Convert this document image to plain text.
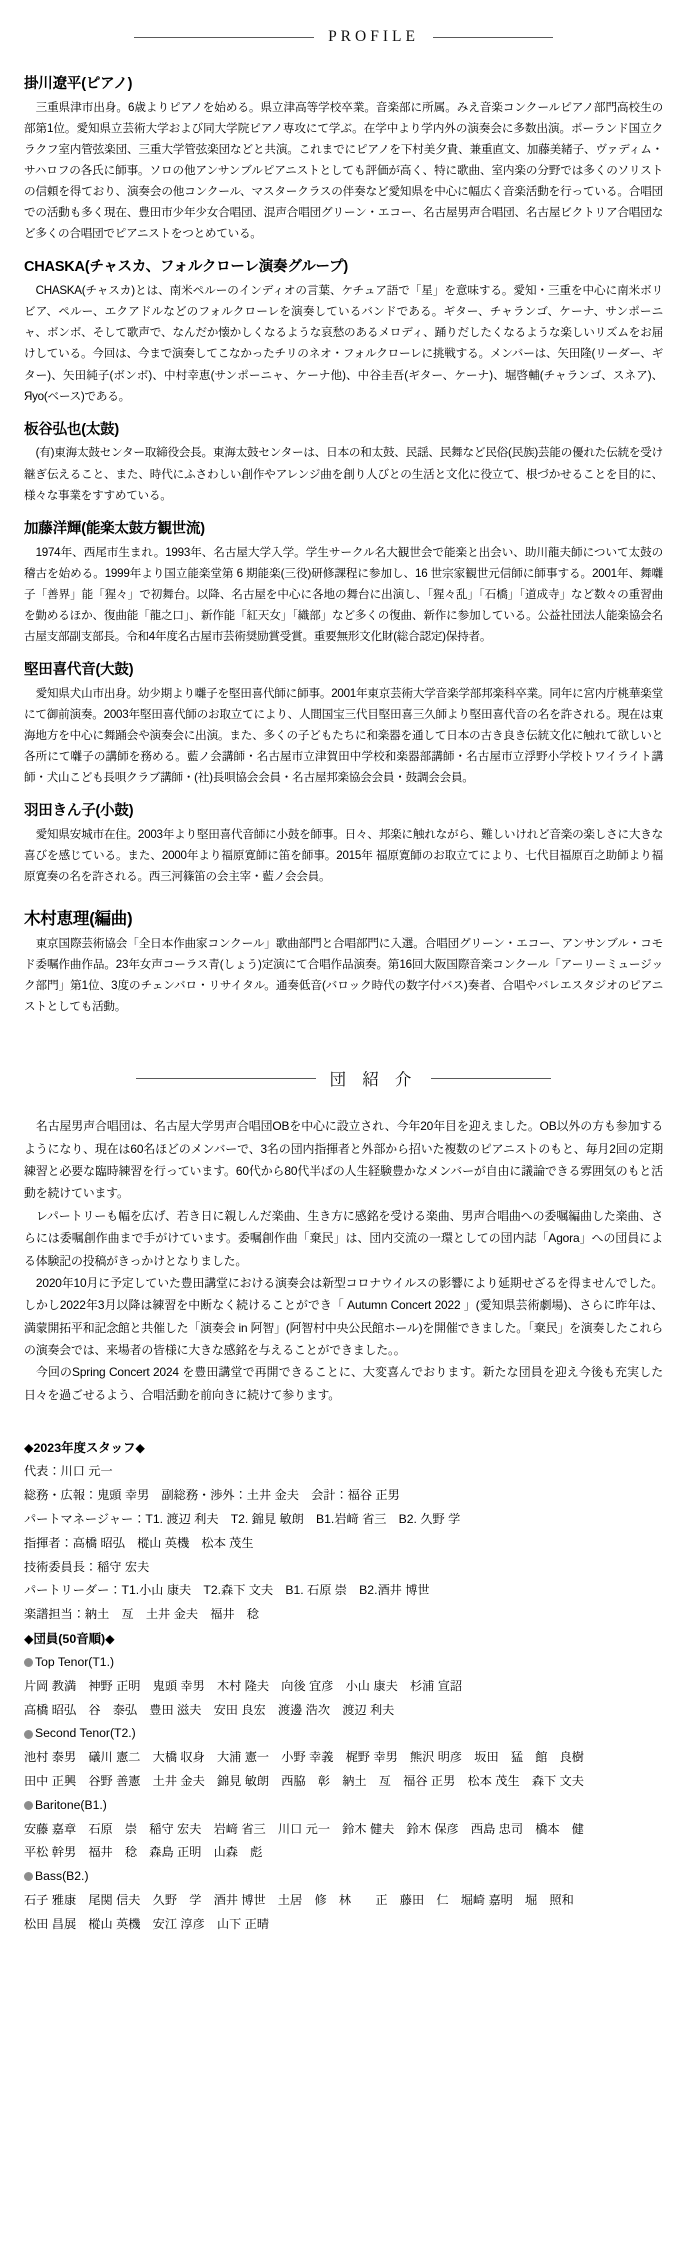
PROFILE

掛川遼平(ピアノ)

三重県津市出身。6歳よりピアノを始める。県立津高等学校卒業。音楽部に所属。みえ音楽コンクールピアノ部門高校生の部第1位。愛知県立芸術大学および同大学院ピアノ専攻にて学ぶ。在学中より学内外の演奏会に多数出演。ポーランド国立クラクフ室内管弦楽団、三重大学管弦楽団などと共演。これまでにピアノを下村美夕貴、兼重直文、加藤美緒子、ヴァディム・サハロフの各氏に師事。ソロの他アンサンブルピアニストとしても評価が高く、特に歌曲、室内楽の分野では多くのソリストの信頼を得ており、演奏会の他コンクール、マスタークラスの伴奏など愛知県を中心に幅広く音楽活動を行っている。合唱団での活動も多く現在、豊田市少年少女合唱団、混声合唱団グリーン・エコー、名古屋男声合唱団、名古屋ビクトリア合唱団など多くの合唱団でピアニストをつとめている。

CHASKA(チャスカ、フォルクローレ演奏グループ)

CHASKA(チャスカ)とは、南米ペルーのインディオの言葉、ケチュア語で「星」を意味する。愛知・三重を中心に南米ボリビア、ペルー、エクアドルなどのフォルクローレを演奏しているバンドである。ギター、チャランゴ、ケーナ、サンポーニャ、ボンボ、そして歌声で、なんだか懐かしくなるような哀愁のあるメロディ、踊りだしたくなるような楽しいリズムをお届けしている。今回は、今まで演奏してこなかったチリのネオ・フォルクローレに挑戦する。メンバーは、矢田隆(リーダー、ギター)、矢田純子(ボンボ)、中村幸恵(サンポーニャ、ケーナ他)、中谷圭吾(ギター、ケーナ)、堀啓輔(チャランゴ、スネア)、Яyo(ベース)である。

板谷弘也(太鼓)

(有)東海太鼓センター取締役会長。東海太鼓センターは、日本の和太鼓、民謡、民舞など民俗(民族)芸能の優れた伝統を受け継ぎ伝えること、また、時代にふさわしい創作やアレンジ曲を創り人びとの生活と文化に役立て、根づかせることを目的に、様々な事業をすすめている。

加藤洋輝(能楽太鼓方観世流)

1974年、西尾市生まれ。1993年、名古屋大学入学。学生サークル名大観世会で能楽と出会い、助川龍夫師について太鼓の稽古を始める。1999年より国立能楽堂第 6 期能楽(三役)研修課程に参加し、16 世宗家観世元信師に師事する。2001年、舞囃子「善界」能「猩々」で初舞台。以降、名古屋を中心に各地の舞台に出演し、「猩々乱」「石橋」「道成寺」など数々の重習曲を勤めるほか、復曲能「龍之口」、新作能「紅天女」「織部」など多くの復曲、新作に参加している。公益社団法人能楽協会名古屋支部副支部長。令和4年度名古屋市芸術奨励賞受賞。重要無形文化財(総合認定)保持者。

堅田喜代音(大鼓)

愛知県犬山市出身。幼少期より囃子を堅田喜代師に師事。2001年東京芸術大学音楽学部邦楽科卒業。同年に宮内庁桃華楽堂にて御前演奏。2003年堅田喜代師のお取立てにより、人間国宝三代目堅田喜三久師より堅田喜代音の名を許される。現在は東海地方を中心に舞踊会や演奏会に出演。また、多くの子どもたちに和楽器を通して日本の古き良き伝統文化に触れて欲しいと各所にて囃子の講師を務める。藍ノ会講師・名古屋市立津賀田中学校和楽器部講師・名古屋市立浮野小学校トワイライト講師・犬山こども長唄クラブ講師・(社)長唄協会会員・名古屋邦楽協会会員・鼓調会会員。

羽田きん子(小鼓)

愛知県安城市在住。2003年より堅田喜代音師に小鼓を師事。日々、邦楽に触れながら、難しいけれど音楽の楽しさに大きな喜びを感じている。また、2000年より福原寛師に笛を師事。2015年 福原寛師のお取立てにより、七代目福原百之助師より福原寛奏の名を許される。西三河篠笛の会主宰・藍ノ会会員。

木村恵理(編曲)

東京国際芸術協会「全日本作曲家コンクール」歌曲部門と合唱部門に入選。合唱団グリーン・エコー、アンサンブル・コモド委嘱作曲作品。23年女声コーラス青(しょう)定演にて合唱作品演奏。第16回大阪国際音楽コンクール「アーリーミュージック部門」第1位、3度のチェンバロ・リサイタル。通奏低音(バロック時代の数字付バス)奏者、合唱やバレエスタジオのピアニストとしても活動。

団 紹 介

名古屋男声合唱団は、名古屋大学男声合唱団OBを中心に設立され、今年20年目を迎えました。OB以外の方も参加するようになり、現在は60名ほどのメンバーで、3名の団内指揮者と外部から招いた複数のピアニストのもと、毎月2回の定期練習と必要な臨時練習を行っています。60代から80代半ばの人生経験豊かなメンバーが自由に議論できる雰囲気のもと活動を続けています。

レパートリーも幅を広げ、若き日に親しんだ楽曲、生き方に感銘を受ける楽曲、男声合唱曲への委嘱編曲した楽曲、さらには委嘱創作曲まで手がけています。委嘱創作曲「棄民」は、団内交流の一環としての団内誌「Agora」への団員による体験記の投稿がきっかけとなりました。

2020年10月に予定していた豊田講堂における演奏会は新型コロナウイルスの影響により延期せざるを得ませんでした。しかし2022年3月以降は練習を中断なく続けることができ「 Autumn Concert 2022 」(愛知県芸術劇場)、さらに昨年は、満蒙開拓平和記念館と共催した「演奏会 in 阿智」(阿智村中央公民館ホール)を開催できました。「棄民」を演奏したこれらの演奏会では、来場者の皆様に大きな感銘を与えることができました。。

今回のSpring Concert 2024 を豊田講堂で再開できることに、大変喜んでおります。新たな団員を迎え今後も充実した日々を過ごせるよう、合唱活動を前向きに続けて参ります。

◆2023年度スタッフ◆

代表：川口 元一

総務・広報：鬼頭 幸男　副総務・渉外：土井 金夫　会計：福谷 正男

パートマネージャー：T1. 渡辺 利夫　T2. 錦見 敏朗　B1.岩﨑 省三　B2. 久野 学

指揮者：高橋 昭弘　樅山 英機　松本 茂生

技術委員長：稲守 宏夫

パートリーダー：T1.小山 康夫　T2.森下 文夫　B1. 石原 崇　B2.酒井 博世

楽譜担当：納土　亙　土井 金夫　福井　稔

◆団員(50音順)◆

Top Tenor(T1.)

片岡 教満　神野 正明　鬼頭 幸男　木村 隆夫　向後 宜彦　小山 康夫　杉浦 宣詔

高橋 昭弘　谷　泰弘　豊田 滋夫　安田 良宏　渡邊 浩次　渡辺 利夫

Second Tenor(T2.)

池村 泰男　礒川 憲二　大橋 収身　大浦 憲一　小野 幸義　梶野 幸男　熊沢 明彦　坂田　猛　館　良樹

田中 正興　谷野 善憲　土井 金夫　錦見 敏朗　西脇　彰　納土　亙　福谷 正男　松本 茂生　森下 文夫

Baritone(B1.)

安藤 嘉章　石原　崇　稲守 宏夫　岩﨑 省三　川口 元一　鈴木 健夫　鈴木 保彦　西島 忠司　橋本　健

平松 幹男　福井　稔　森島 正明　山森　彪

Bass(B2.)

石子 雅康　尾関 信夫　久野　学　酒井 博世　土居　修　林　　正　藤田　仁　堀崎 嘉明　堀　照和

松田 昌展　樅山 英機　安江 淳彦　山下 正晴
